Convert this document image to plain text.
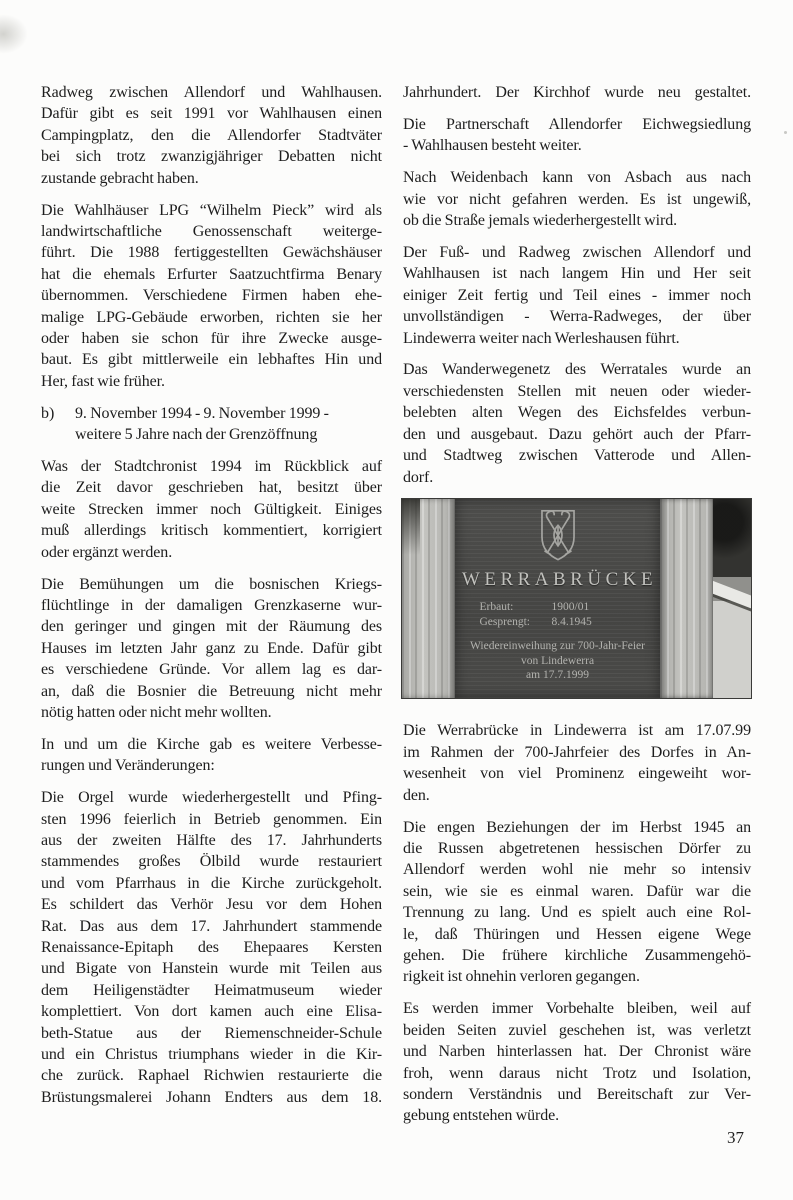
Radweg zwischen Allendorf und Wahlhausen.
Dafür gibt es seit 1991 vor Wahlhausen einen
Campingplatz, den die Allendorfer Stadtväter
bei sich trotz zwanzigjähriger Debatten nicht
zustande gebracht haben.
Die Wahlhäuser LPG “Wilhelm Pieck” wird als
landwirtschaftliche Genossenschaft weiterge-
führt. Die 1988 fertiggestellten Gewächshäuser
hat die ehemals Erfurter Saatzuchtfirma Benary
übernommen. Verschiedene Firmen haben ehe-
malige LPG-Gebäude erworben, richten sie her
oder haben sie schon für ihre Zwecke ausge-
baut. Es gibt mittlerweile ein lebhaftes Hin und
Her, fast wie früher.
b) 9. November 1994 - 9. November 1999 -
weitere 5 Jahre nach der Grenzöffnung
Was der Stadtchronist 1994 im Rückblick auf
die Zeit davor geschrieben hat, besitzt über
weite Strecken immer noch Gültigkeit. Einiges
muß allerdings kritisch kommentiert, korrigiert
oder ergänzt werden.
Die Bemühungen um die bosnischen Kriegs-
flüchtlinge in der damaligen Grenzkaserne wur-
den geringer und gingen mit der Räumung des
Hauses im letzten Jahr ganz zu Ende. Dafür gibt
es verschiedene Gründe. Vor allem lag es dar-
an, daß die Bosnier die Betreuung nicht mehr
nötig hatten oder nicht mehr wollten.
In und um die Kirche gab es weitere Verbesse-
rungen und Veränderungen:
Die Orgel wurde wiederhergestellt und Pfing-
sten 1996 feierlich in Betrieb genommen. Ein
aus der zweiten Hälfte des 17. Jahrhunderts
stammendes großes Ölbild wurde restauriert
und vom Pfarrhaus in die Kirche zurückgeholt.
Es schildert das Verhör Jesu vor dem Hohen
Rat. Das aus dem 17. Jahrhundert stammende
Renaissance-Epitaph des Ehepaares Kersten
und Bigate von Hanstein wurde mit Teilen aus
dem Heiligenstädter Heimatmuseum wieder
komplettiert. Von dort kamen auch eine Elisa-
beth-Statue aus der Riemenschneider-Schule
und ein Christus triumphans wieder in die Kir-
che zurück. Raphael Richwien restaurierte die
Brüstungsmalerei Johann Endters aus dem 18.
Jahrhundert. Der Kirchhof wurde neu gestaltet.
Die Partnerschaft Allendorfer Eichwegsiedlung
- Wahlhausen besteht weiter.
Nach Weidenbach kann von Asbach aus nach
wie vor nicht gefahren werden. Es ist ungewiß,
ob die Straße jemals wiederhergestellt wird.
Der Fuß- und Radweg zwischen Allendorf und
Wahlhausen ist nach langem Hin und Her seit
einiger Zeit fertig und Teil eines - immer noch
unvollständigen - Werra-Radweges, der über
Lindewerra weiter nach Werleshausen führt.
Das Wanderwegenetz des Werratales wurde an
verschiedensten Stellen mit neuen oder wieder-
belebten alten Wegen des Eichsfeldes verbun-
den und ausgebaut. Dazu gehört auch der Pfarr-
und Stadtweg zwischen Vatterode und Allen-
dorf.
WERRABRÜCKE
Erbaut:	1900/01
Gesprengt:	8.4.1945
Wiedereinweihung zur 700-Jahr-Feier
von Lindewerra
am 17.7.1999
Die Werrabrücke in Lindewerra ist am 17.07.99
im Rahmen der 700-Jahrfeier des Dorfes in An-
wesenheit von viel Prominenz eingeweiht wor-
den.
Die engen Beziehungen der im Herbst 1945 an
die Russen abgetretenen hessischen Dörfer zu
Allendorf werden wohl nie mehr so intensiv
sein, wie sie es einmal waren. Dafür war die
Trennung zu lang. Und es spielt auch eine Rol-
le, daß Thüringen und Hessen eigene Wege
gehen. Die frühere kirchliche Zusammengehö-
rigkeit ist ohnehin verloren gegangen.
Es werden immer Vorbehalte bleiben, weil auf
beiden Seiten zuviel geschehen ist, was verletzt
und Narben hinterlassen hat. Der Chronist wäre
froh, wenn daraus nicht Trotz und Isolation,
sondern Verständnis und Bereitschaft zur Ver-
gebung entstehen würde.
37
